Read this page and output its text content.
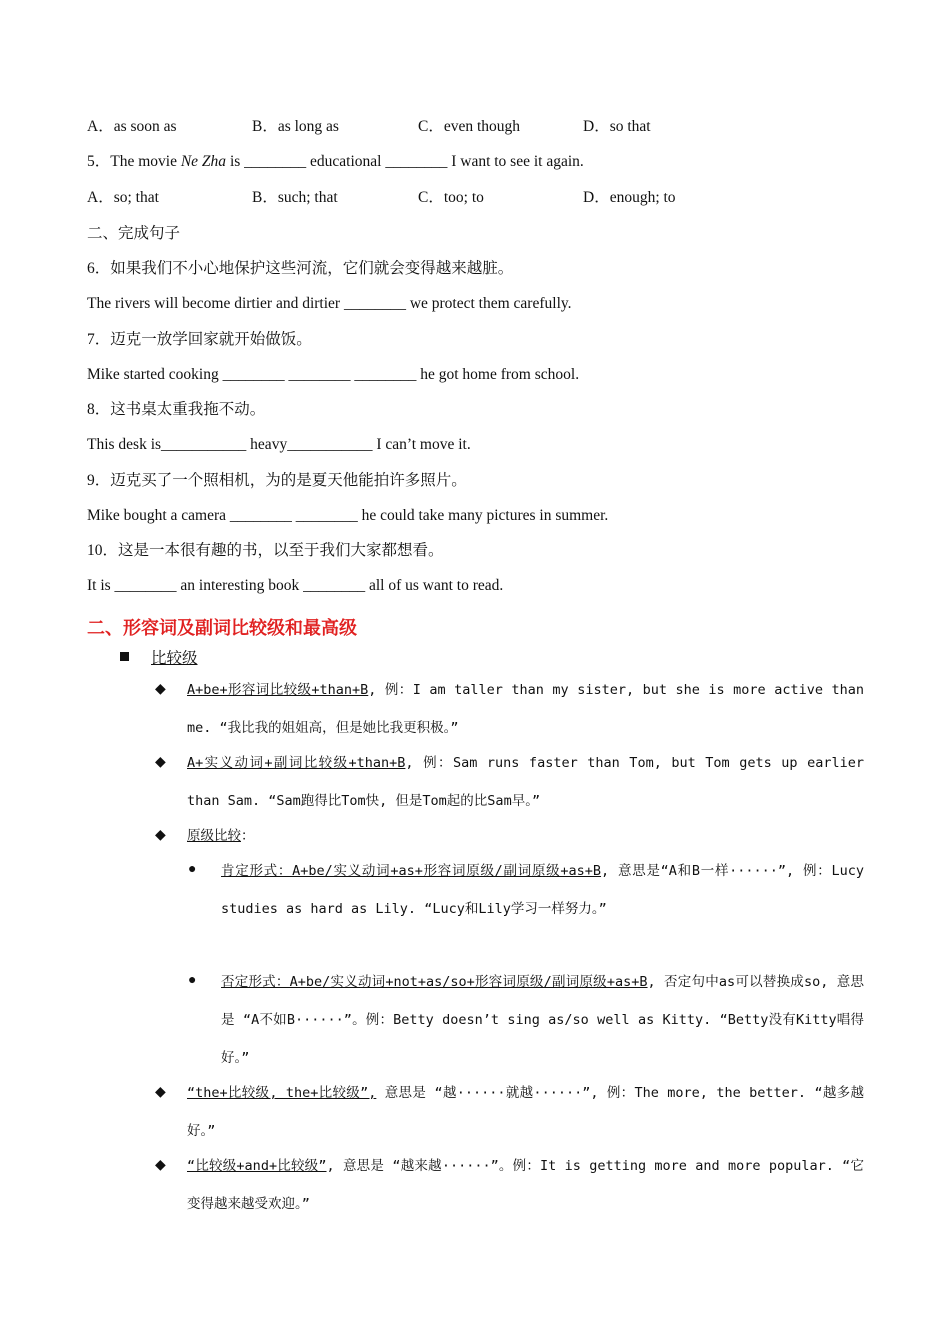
A．as soon as	B．as long as	C．even though	D．so that
5．The movie Ne Zha is ________ educational ________ I want to see it again.
A．so; that	B．such; that	C．too; to	D．enough; to
二、完成句子
6．如果我们不小心地保护这些河流，它们就会变得越来越脏。
The rivers will become dirtier and dirtier ________ we protect them carefully.
7．迈克一放学回家就开始做饭。
Mike started cooking ________ ________ ________ he got home from school.
8．这书桌太重我拖不动。
This desk is___________ heavy___________ I can’t move it.
9．迈克买了一个照相机，为的是夏天他能拍许多照片。
Mike bought a camera ________ ________ he could take many pictures in summer.
10．这是一本很有趣的书，以至于我们大家都想看。
It is ________ an interesting book ________ all of us want to read.
二、形容词及副词比较级和最高级
比较级
◆ A+be+形容词比较级+than+B, 例：I am taller than my sister, but she is more active than me. “我比我的姐姐高，但是她比我更积极。”
◆ A+实义动词+副词比较级+than+B, 例：Sam runs faster than Tom, but Tom gets up earlier than Sam. “Sam跑得比Tom快, 但是Tom起的比Sam早。”
◆ 原级比较：
● 肯定形式：A+be/实义动词+as+形容词原级/副词原级+as+B, 意思是“A和B一样······”, 例：Lucy studies as hard as Lily. “Lucy和Lily学习一样努力。”
● 否定形式：A+be/实义动词+not+as/so+形容词原级/副词原级+as+B, 否定句中as可以替换成so, 意思是 “A不如B······”。例：Betty doesn’t sing as/so well as Kitty. “Betty没有Kitty唱得好。”
◆ “the+比较级, the+比较级”, 意思是 “越······就越······”, 例：The more, the better. “越多越好。”
◆ “比较级+and+比较级”, 意思是 “越来越······”。例：It is getting more and more popular. “它变得越来越受欢迎。”
